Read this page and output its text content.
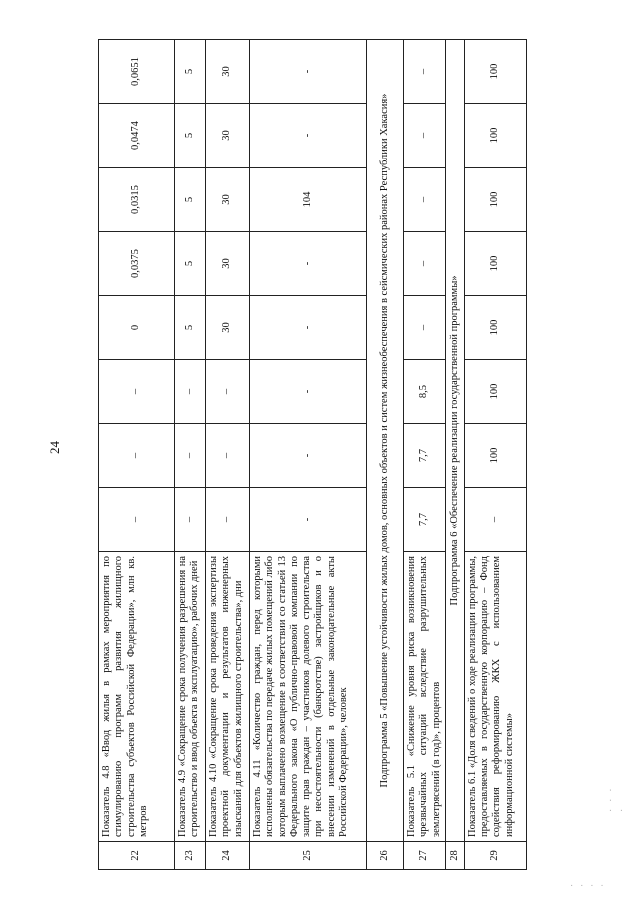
24
22	Показатель 4.8 «Ввод жилья в рамках мероприятия по стимулированию программ развития жилищного строительства субъектов Российской Федерации», млн кв. метров	–	–	–	0	0,0375	0,0315	0,0474	0,0651
23	Показатель 4.9 «Сокращение срока получения разрешения на строительство и ввод объекта в эксплуатацию», рабочих дней	–	–	–	5	5	5	5	5
24	Показатель 4.10 «Сокращение срока проведения экспертизы проектной документации и результатов инженерных изысканий для объектов жилищного строительства», дни	–	–	–	30	30	30	30	30
25	Показатель 4.11 «Количество граждан, перед которыми исполнены обязательства по передаче жилых помещений либо которым выплачено возмещение в соответствии со статьей 13 Федерального закона «О публично-правовой компании по защите прав граждан – участников долевого строительства при несостоятельности (банкротстве) застройщиков и о внесении изменений в отдельные законодательные акты Российской Федерации», человек	-	-	-	-	-	104	-	-
26	Подпрограмма 5 «Повышение устойчивости жилых домов, основных объектов и систем жизнеобеспечения в сейсмических районах Республики Хакасия»								
27	Показатель 5.1 «Снижение уровня риска возникновения чрезвычайных ситуаций вследствие разрушительных землетрясений (в год)», процентов	7,7	7,7	8,5	–	–	–	–	–
28	Подпрограмма 6 «Обеспечение реализации государственной программы»								
29	Показатель 6.1 «Доля сведений о ходе реализации программы, предоставляемых в государственную корпорацию – Фонд содействия реформированию ЖКХ с использованием информационной системы»	–	100	100	100	100	100	100	100
· · · ·
· · · ·
